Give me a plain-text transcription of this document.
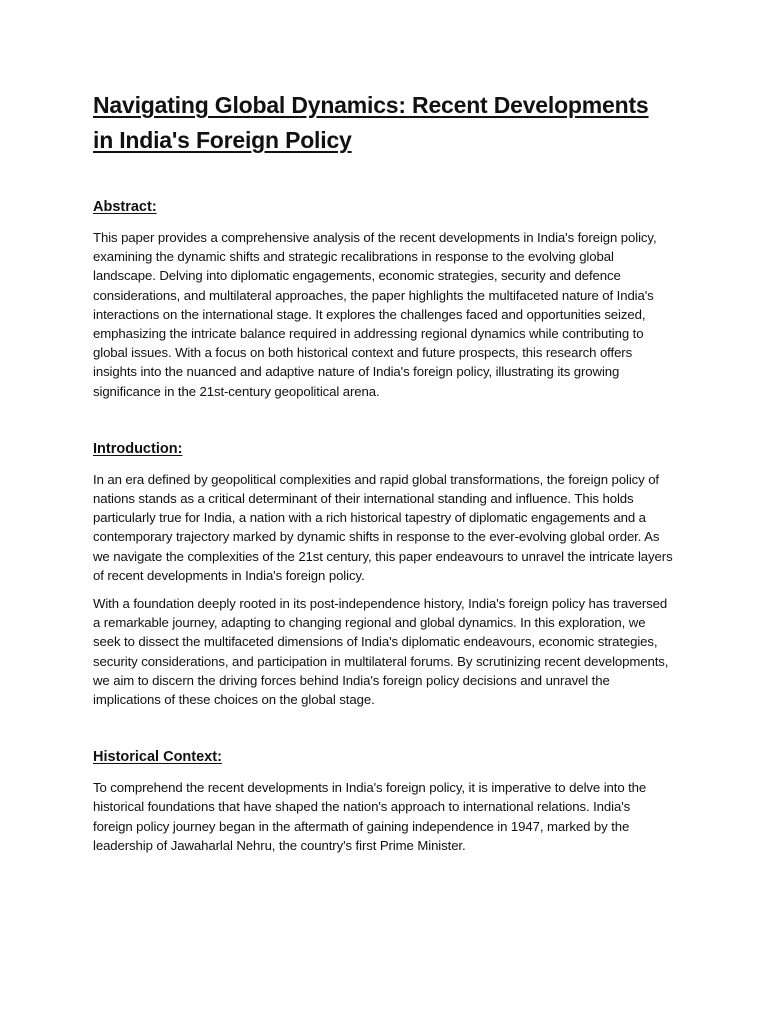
Navigating Global Dynamics: Recent Developments in India's Foreign Policy
Abstract:

This paper provides a comprehensive analysis of the recent developments in India's foreign policy, examining the dynamic shifts and strategic recalibrations in response to the evolving global landscape. Delving into diplomatic engagements, economic strategies, security and defence considerations, and multilateral approaches, the paper highlights the multifaceted nature of India's interactions on the international stage. It explores the challenges faced and opportunities seized, emphasizing the intricate balance required in addressing regional dynamics while contributing to global issues. With a focus on both historical context and future prospects, this research offers insights into the nuanced and adaptive nature of India's foreign policy, illustrating its growing significance in the 21st-century geopolitical arena.

Introduction:

In an era defined by geopolitical complexities and rapid global transformations, the foreign policy of nations stands as a critical determinant of their international standing and influence. This holds particularly true for India, a nation with a rich historical tapestry of diplomatic engagements and a contemporary trajectory marked by dynamic shifts in response to the ever-evolving global order. As we navigate the complexities of the 21st century, this paper endeavours to unravel the intricate layers of recent developments in India's foreign policy.

With a foundation deeply rooted in its post-independence history, India's foreign policy has traversed a remarkable journey, adapting to changing regional and global dynamics. In this exploration, we seek to dissect the multifaceted dimensions of India's diplomatic endeavours, economic strategies, security considerations, and participation in multilateral forums. By scrutinizing recent developments, we aim to discern the driving forces behind India's foreign policy decisions and unravel the implications of these choices on the global stage.

Historical Context:

To comprehend the recent developments in India's foreign policy, it is imperative to delve into the historical foundations that have shaped the nation's approach to international relations. India's foreign policy journey began in the aftermath of gaining independence in 1947, marked by the leadership of Jawaharlal Nehru, the country's first Prime Minister.
